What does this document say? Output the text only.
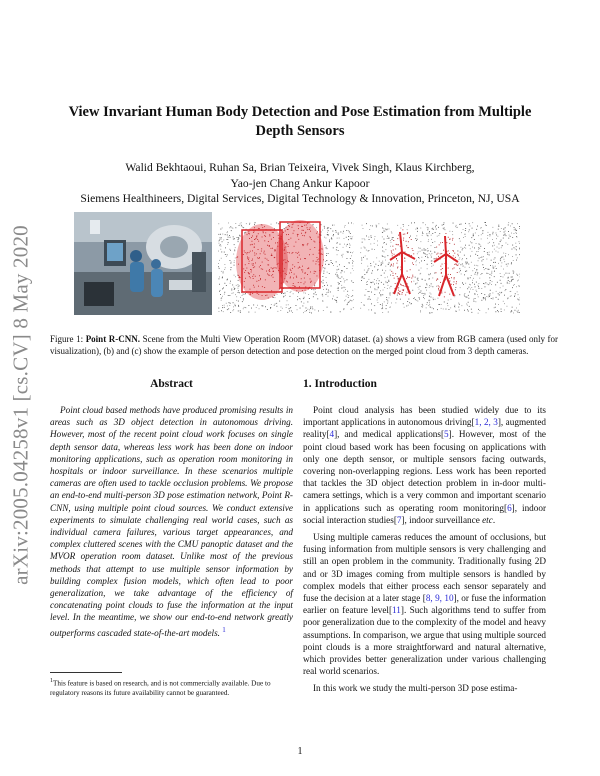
arXiv:2005.04258v1 [cs.CV] 8 May 2020
View Invariant Human Body Detection and Pose Estimation from Multiple
Depth Sensors
Walid Bekhtaoui, Ruhan Sa, Brian Teixeira, Vivek Singh, Klaus Kirchberg,
Yao-jen Chang Ankur Kapoor
Siemens Healthineers, Digital Services, Digital Technology & Innovation, Princeton, NJ, USA
Figure 1: Point R-CNN. Scene from the Multi View Operation Room (MVOR) dataset. (a) shows a view from RGB camera (used only for visualization), (b) and (c) show the example of person detection and pose detection on the merged point cloud from 3 depth cameras.
Abstract

Point cloud based methods have produced promising results in areas such as 3D object detection in autonomous driving. However, most of the recent point cloud work focuses on single depth sensor data, whereas less work has been done on indoor monitoring applications, such as operation room monitoring in hospitals or indoor surveillance. In these scenarios multiple cameras are often used to tackle occlusion problems. We propose an end-to-end multi-person 3D pose estimation network, Point R-CNN, using multiple point cloud sources. We conduct extensive experiments to simulate challenging real world cases, such as individual camera failures, various target appearances, and complex cluttered scenes with the CMU panoptic dataset and the MVOR operation room dataset. Unlike most of the previous methods that attempt to use multiple sensor information by building complex fusion models, which often lead to poor generalization, we take advantage of the efficiency of concatenating point clouds to fuse the information at the input level. In the meantime, we show our end-to-end network greatly outperforms cascaded state-of-the-art models. $^1$

1. Introduction

Point cloud analysis has been studied widely due to its important applications in autonomous driving[1, 2, 3], augmented reality[4], and medical applications[5]. However, most of the point cloud based work has been focusing on applications with only one depth sensor, or multiple sensors facing outwards, covering non-overlapping regions. Less work has been reported that tackles the 3D object detection problem in in-door multi-camera settings, which is a very common and important scenario in applications such as operating room monitoring[6], indoor social interaction studies[7], indoor surveillance etc.

Using multiple cameras reduces the amount of occlusions, but fusing information from multiple sensors is very challenging and still an open problem in the community. Traditionally fusing 2D and or 3D images coming from multiple sensors is handled by complex models that either process each sensor separately and fuse the decision at a later stage [8, 9, 10], or fuse the information earlier on feature level[11]. Such algorithms tend to suffer from poor generalization due to the complexity of the model and heavy assumptions. In comparison, we argue that using multiple sourced point clouds is a more straightforward and natural alternative, which provides better generalization under various challenging real world scenarios.

In this work we study the multi-person 3D pose estima-

$^1$This feature is based on research, and is not commercially available. Due to regulatory reasons its future availability cannot be guaranteed.
1
